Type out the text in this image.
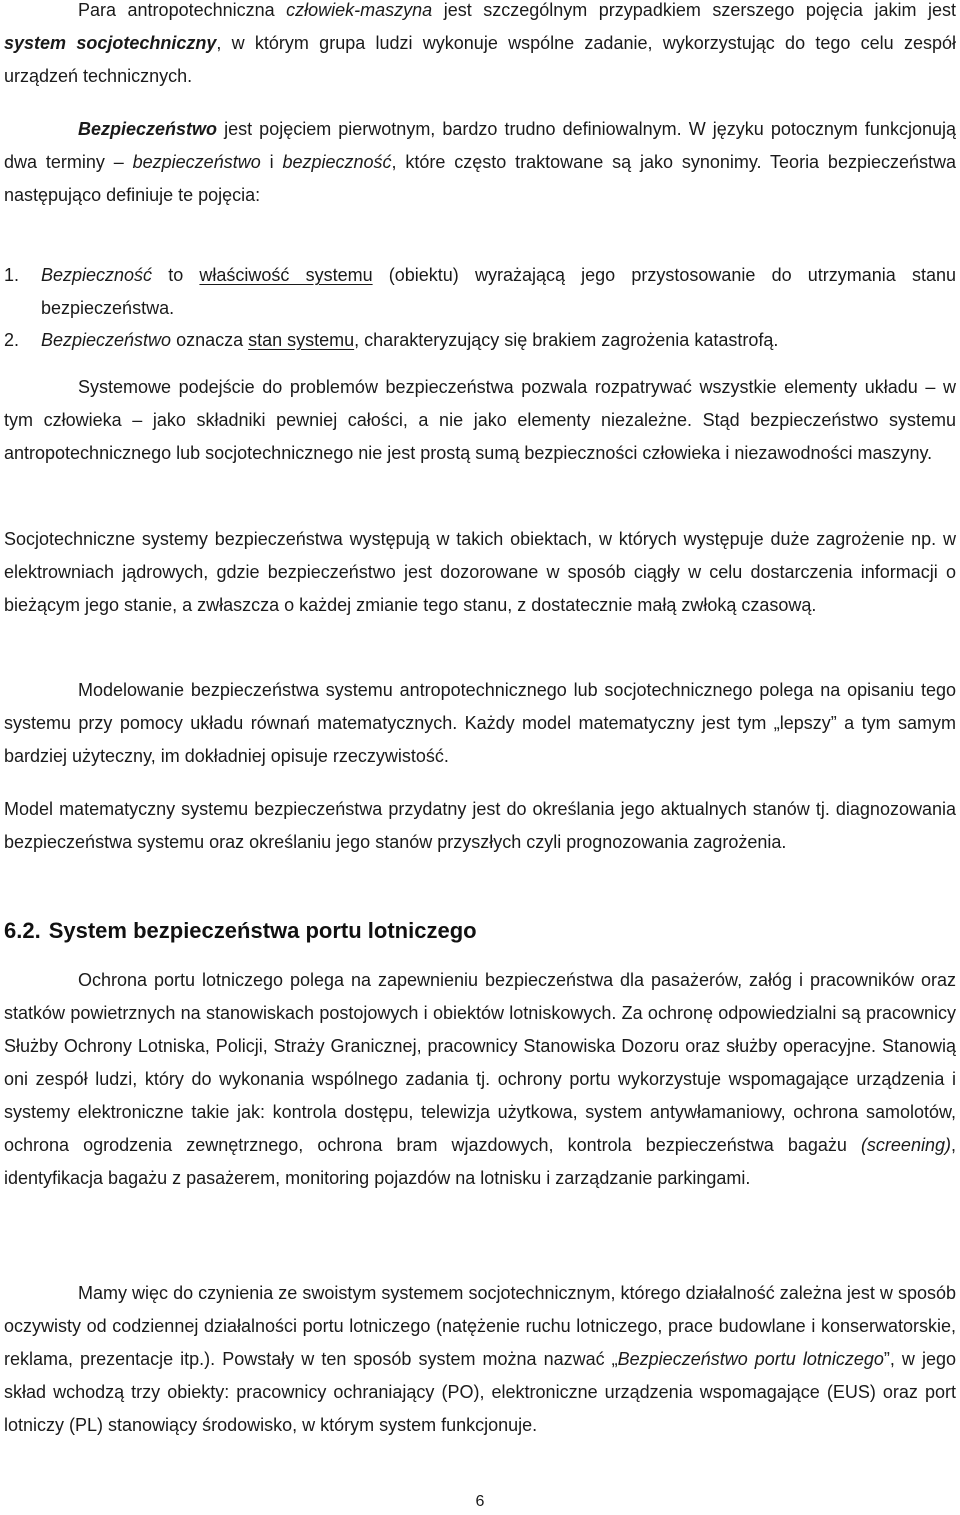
Para antropotechniczna człowiek-maszyna jest szczególnym przypadkiem szerszego pojęcia jakim jest system socjotechniczny, w którym grupa ludzi wykonuje wspólne zadanie, wykorzystując do tego celu zespół urządzeń technicznych.

Bezpieczeństwo jest pojęciem pierwotnym, bardzo trudno definiowalnym. W języku potocznym funkcjonują dwa terminy – bezpieczeństwo i bezpieczność, które często traktowane są jako synonimy. Teoria bezpieczeństwa następująco definiuje te pojęcia:

1. Bezpieczność to właściwość systemu (obiektu) wyrażającą jego przystosowanie do utrzymania stanu bezpieczeństwa.

2. Bezpieczeństwo oznacza stan systemu, charakteryzujący się brakiem zagrożenia katastrofą.

Systemowe podejście do problemów bezpieczeństwa pozwala rozpatrywać wszystkie elementy układu – w tym człowieka – jako składniki pewniej całości, a nie jako elementy niezależne. Stąd bezpieczeństwo systemu antropotechnicznego lub socjotechnicznego nie jest prostą sumą bezpieczności człowieka i niezawodności maszyny.

Socjotechniczne systemy bezpieczeństwa występują w takich obiektach, w których występuje duże zagrożenie np. w elektrowniach jądrowych, gdzie bezpieczeństwo jest dozorowane w sposób ciągły w celu dostarczenia informacji o bieżącym jego stanie, a zwłaszcza o każdej zmianie tego stanu, z dostatecznie małą zwłoką czasową.

Modelowanie bezpieczeństwa systemu antropotechnicznego lub socjotechnicznego polega na opisaniu tego systemu przy pomocy układu równań matematycznych. Każdy model matematyczny jest tym „lepszy” a tym samym bardziej użyteczny, im dokładniej opisuje rzeczywistość.

Model matematyczny systemu bezpieczeństwa przydatny jest do określania jego aktualnych stanów tj. diagnozowania bezpieczeństwa systemu oraz określaniu jego stanów przyszłych czyli prognozowania zagrożenia.

6.2. System bezpieczeństwa portu lotniczego

Ochrona portu lotniczego polega na zapewnieniu bezpieczeństwa dla pasażerów, załóg i pracowników oraz statków powietrznych na stanowiskach postojowych i obiektów lotniskowych. Za ochronę odpowiedzialni są pracownicy Służby Ochrony Lotniska, Policji, Straży Granicznej, pracownicy Stanowiska Dozoru oraz służby operacyjne. Stanowią oni zespół ludzi, który do wykonania wspólnego zadania tj. ochrony portu wykorzystuje wspomagające urządzenia i systemy elektroniczne takie jak: kontrola dostępu, telewizja użytkowa, system antywłamaniowy, ochrona samolotów, ochrona ogrodzenia zewnętrznego, ochrona bram wjazdowych, kontrola bezpieczeństwa bagażu (screening), identyfikacja bagażu z pasażerem, monitoring pojazdów na lotnisku i zarządzanie parkingami.

Mamy więc do czynienia ze swoistym systemem socjotechnicznym, którego działalność zależna jest w sposób oczywisty od codziennej działalności portu lotniczego (natężenie ruchu lotniczego, prace budowlane i konserwatorskie, reklama, prezentacje itp.). Powstały w ten sposób system można nazwać „Bezpieczeństwo portu lotniczego”, w jego skład wchodzą trzy obiekty: pracownicy ochraniający (PO), elektroniczne urządzenia wspomagające (EUS) oraz port lotniczy (PL) stanowiący środowisko, w którym system funkcjonuje.

6
